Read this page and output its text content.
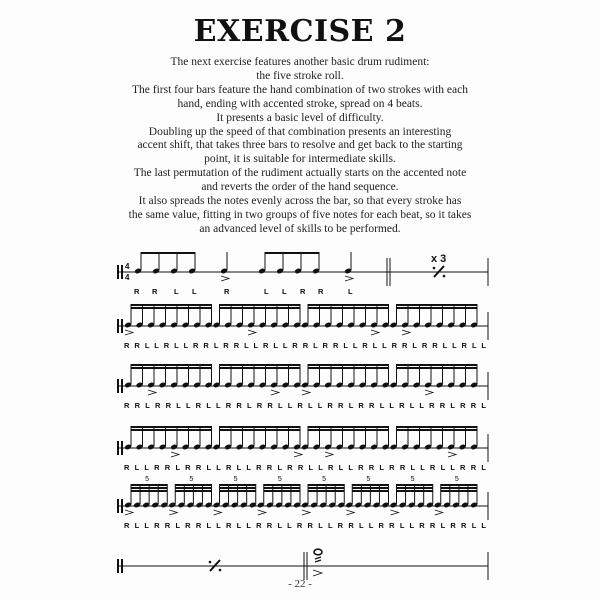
EXERCISE 2
The next exercise features another basic drum rudiment:
the five stroke roll.
The first four bars feature the hand combination of two strokes with each
hand, ending with accented stroke, spread on 4 beats.
It presents a basic level of difficulty.
Doubling up the speed of that combination presents an interesting
accent shift, that takes three bars to resolve and get back to the starting
point, it is suitable for intermediate skills.
The last permutation of the rudiment actually starts on the accented note
and reverts the order of the hand sequence.
It also spreads the notes evenly across the bar, so that every stroke has
the same value, fitting in two groups of five notes for each beat, so it takes
an advanced level of skills to be performed.
4
4
x 3
R R L L	R	L L R R	L
R R L L R L L R R L R R L L R L L R R L R R L L R L L R R L R R L L R L L
R R L R R L L R L L R R L R R L L R L L R R L R R L L R L L R R L R R L
R L L R R L R R L L R L L R R L R R L L R L L R R L R R L L R L L R R L
5	5	5	5	5	5	5	5
R L L R R L R R L L R L L R R L L R R L L R R L L R R L L R R L R R L L
- 22 -
